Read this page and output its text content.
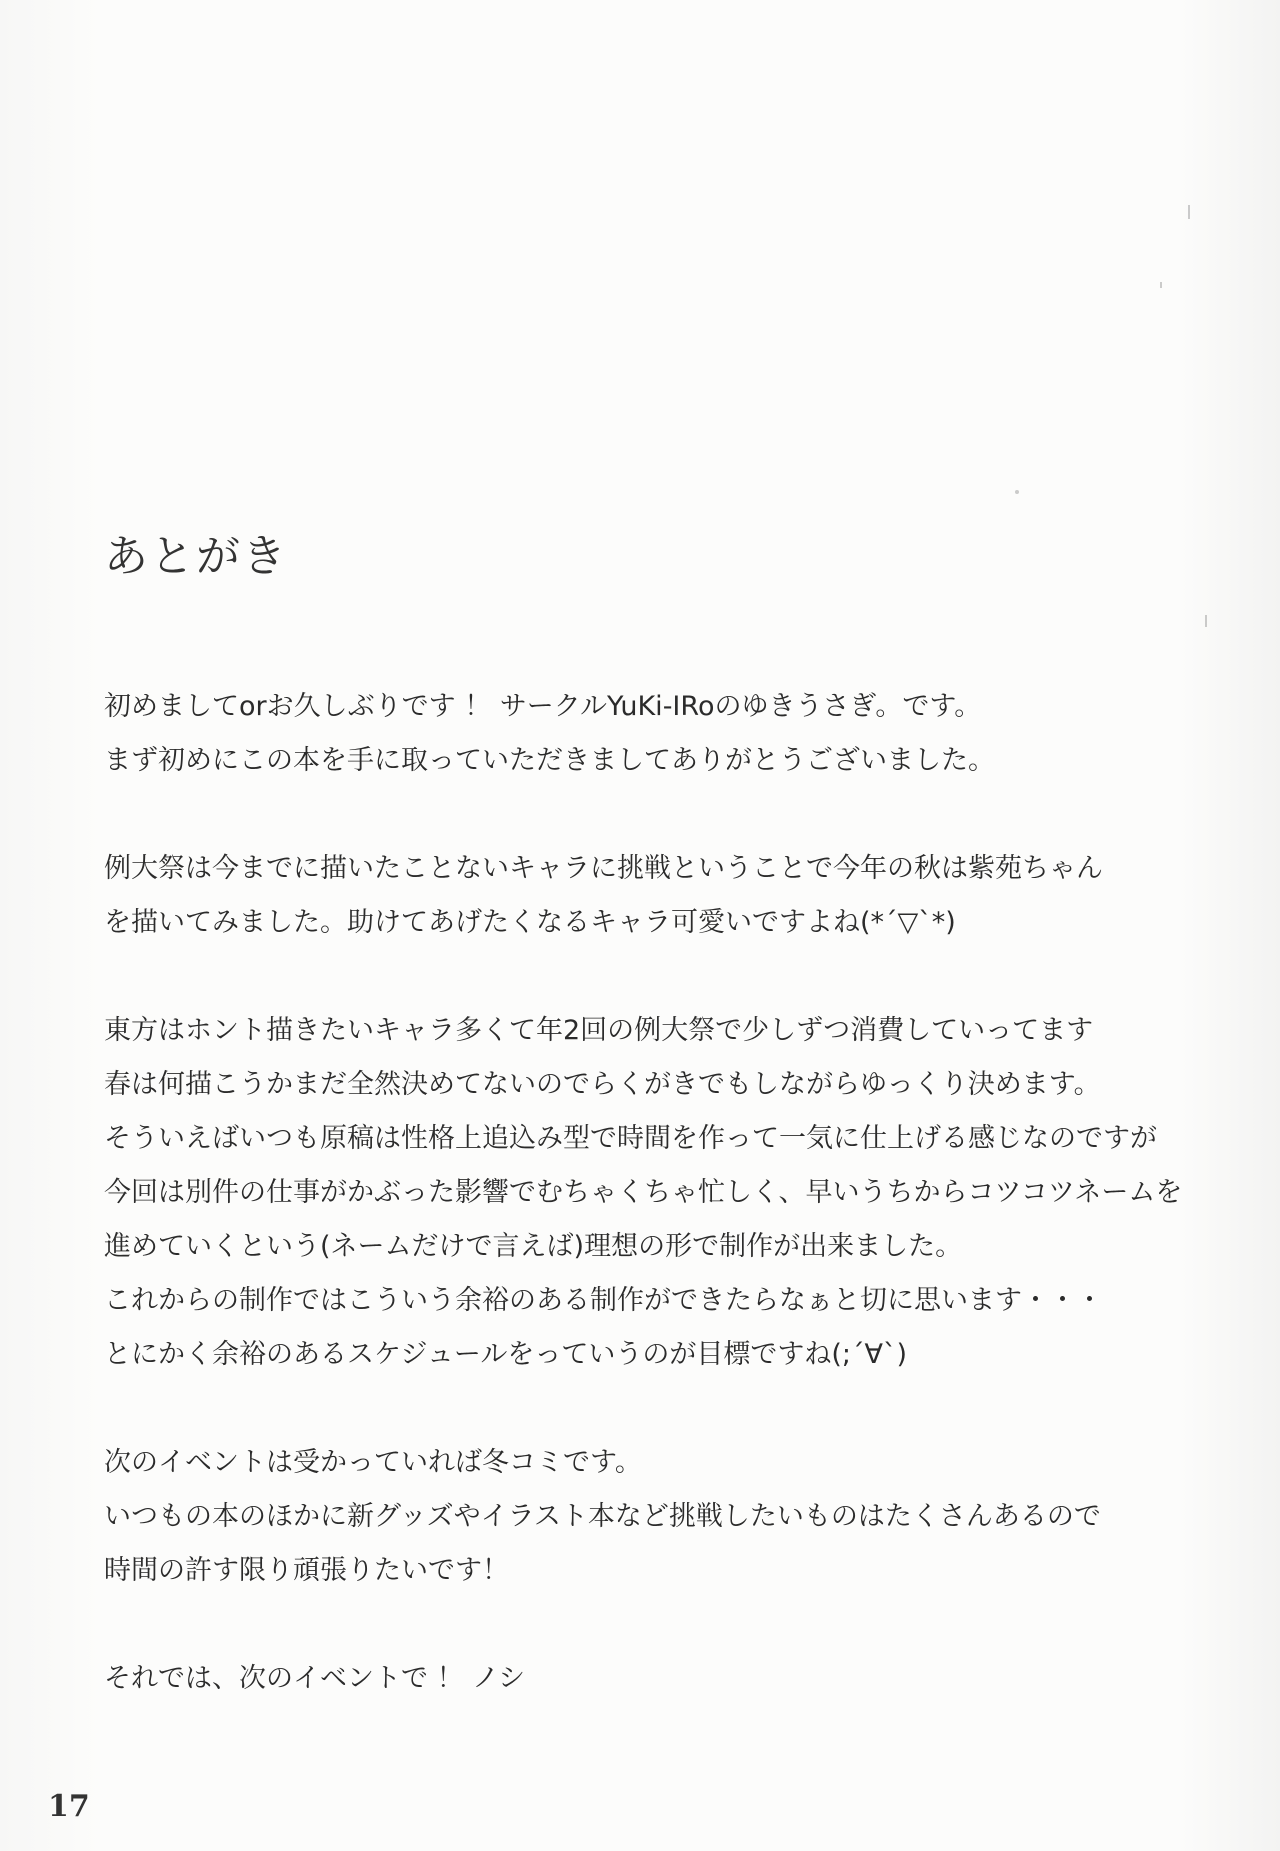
あとがき
初めましてorお久しぶりです ！ サークルYuKi-IRoのゆきうさぎ。です。
まず初めにこの本を手に取っていただきましてありがとうございました。
例大祭は今までに描いたことないキャラに挑戦ということで今年の秋は紫苑ちゃん
を描いてみました。助けてあげたくなるキャラ可愛いですよね(*´▽`*)
東方はホント描きたいキャラ多くて年2回の例大祭で少しずつ消費していってます
春は何描こうかまだ全然決めてないのでらくがきでもしながらゆっくり決めます。
そういえばいつも原稿は性格上追込み型で時間を作って一気に仕上げる感じなのですが
今回は別件の仕事がかぶった影響でむちゃくちゃ忙しく、早いうちからコツコツネームを
進めていくという(ネームだけで言えば)理想の形で制作が出来ました。
これからの制作ではこういう余裕のある制作ができたらなぁと切に思います・・・
とにかく余裕のあるスケジュールをっていうのが目標ですね(;´∀`)
次のイベントは受かっていれば冬コミです。
いつもの本のほかに新グッズやイラスト本など挑戦したいものはたくさんあるので
時間の許す限り頑張りたいです！
それでは、次のイベントで ！ ノシ
17
